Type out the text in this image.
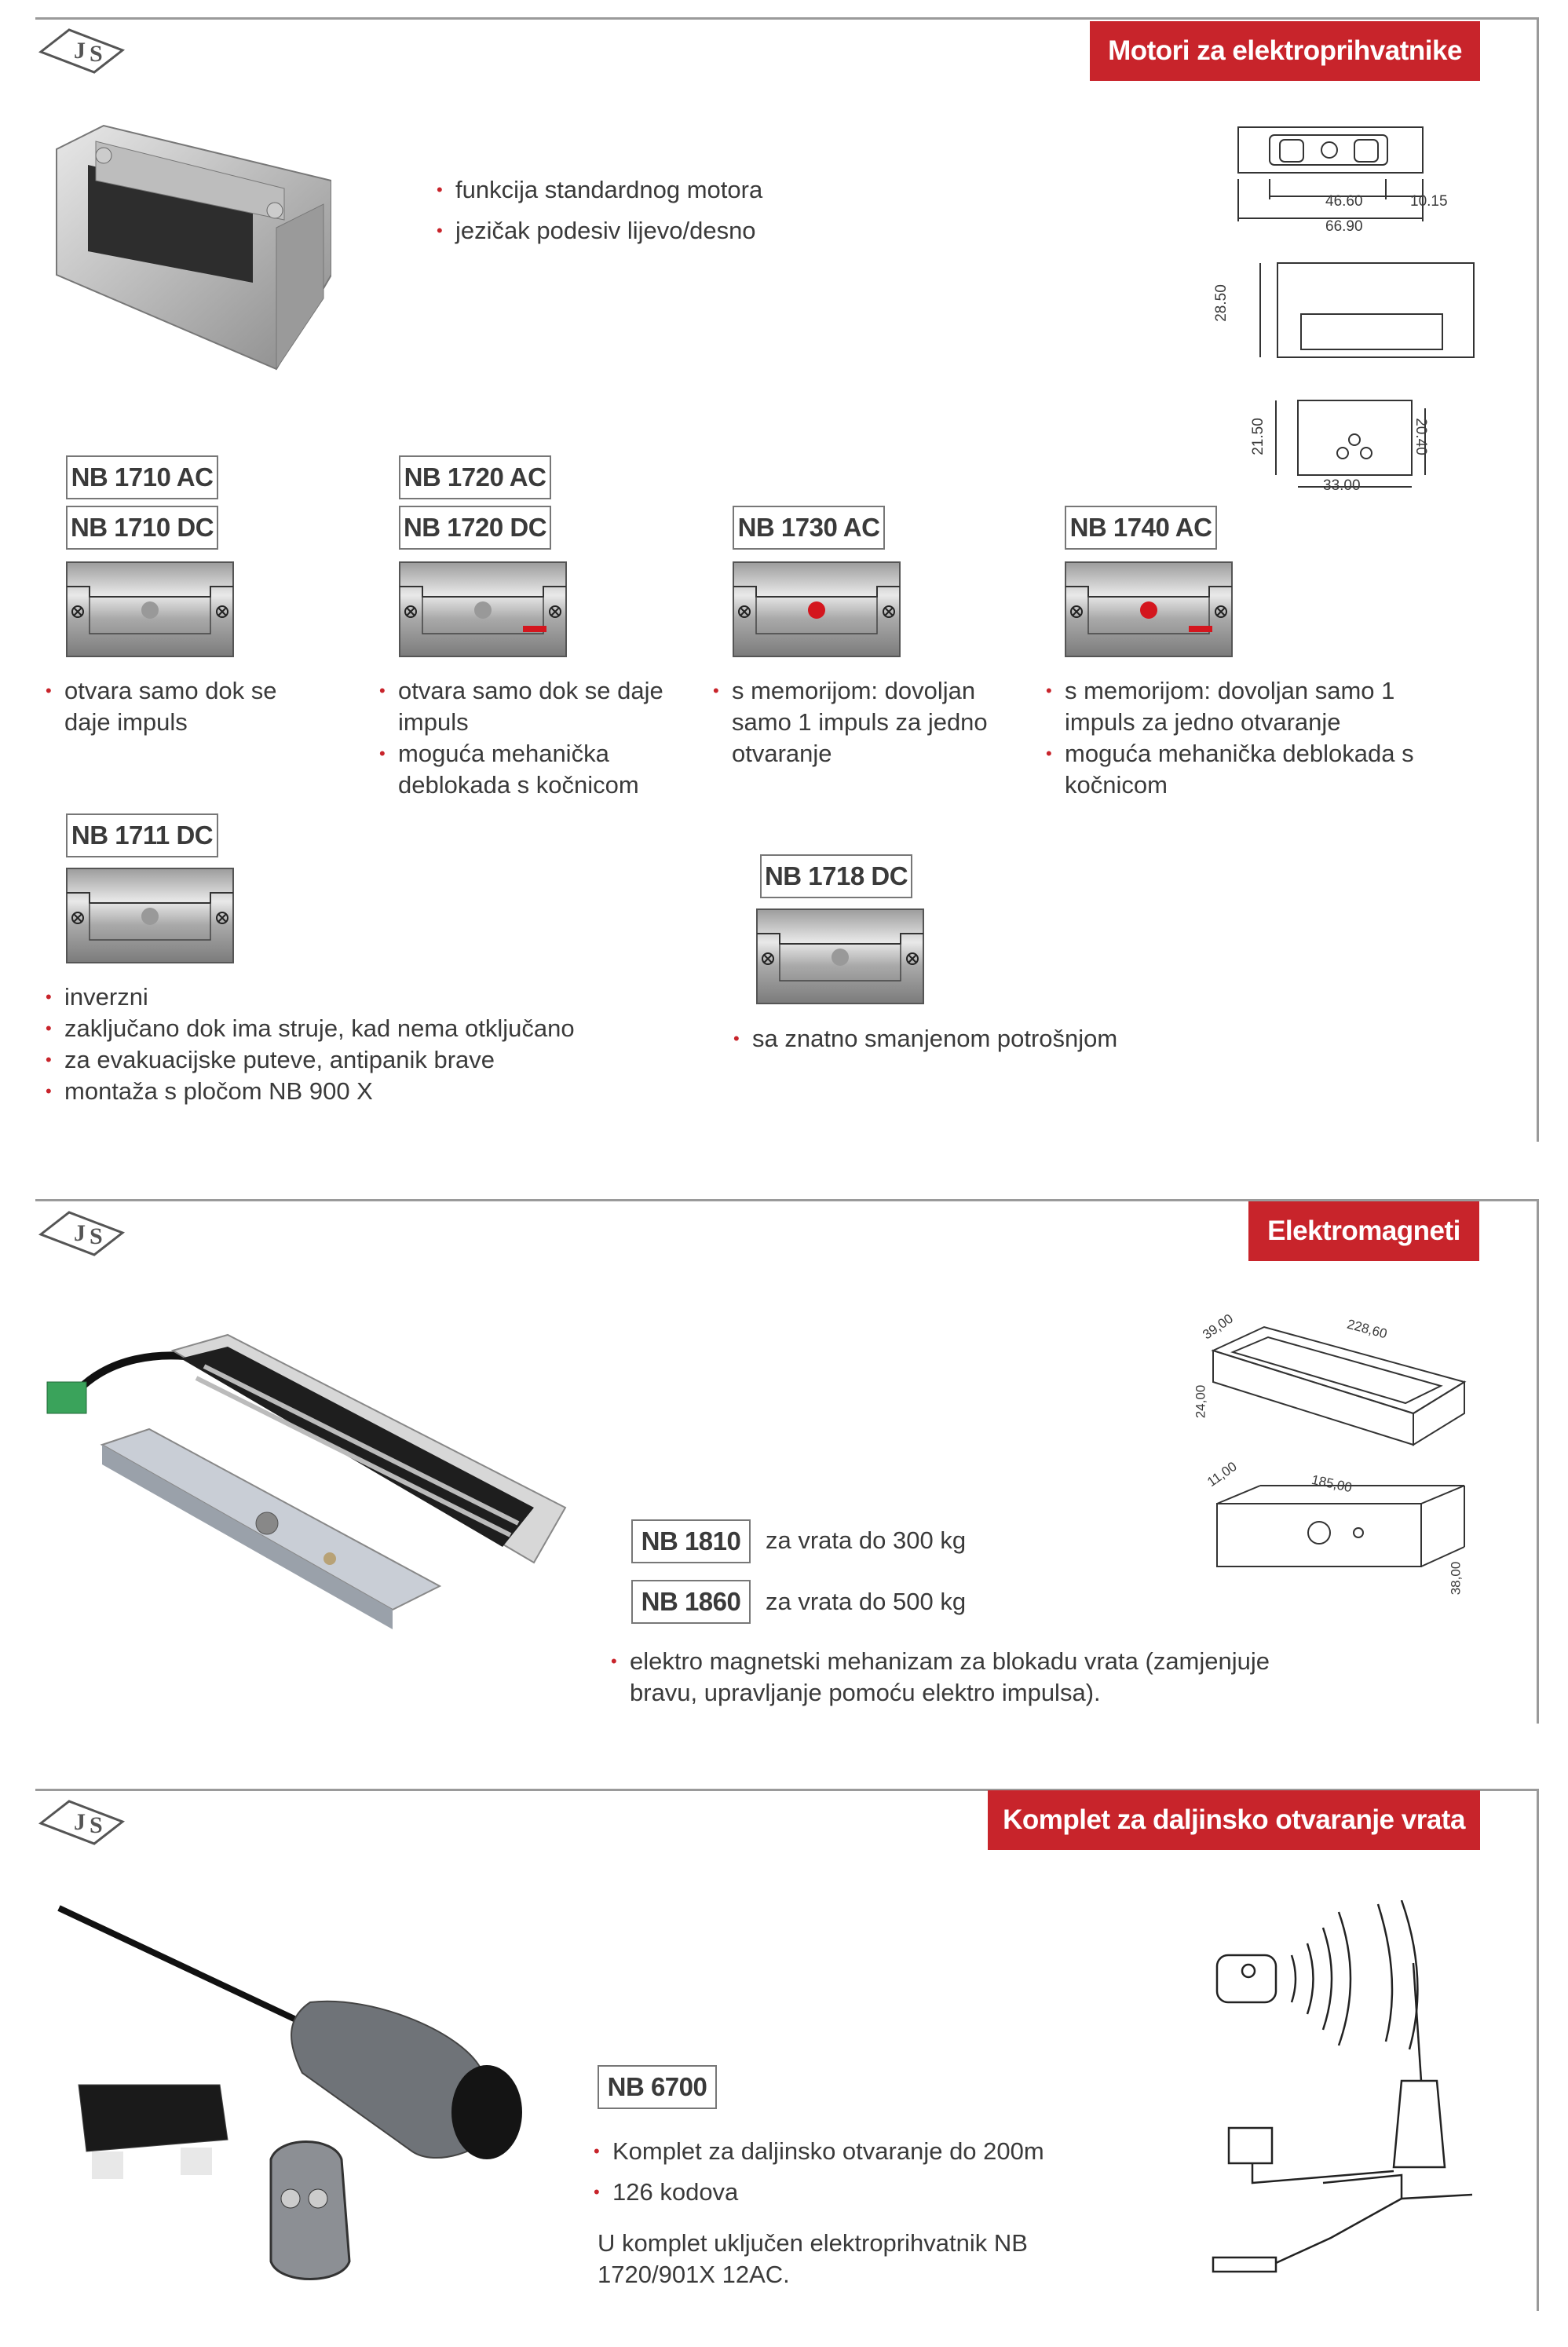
J S	Motori za elektroprihvatnike
• funkcija standardnog motora
• jezičak podesiv lijevo/desno
46.60	10.15
66.90
28.50
21.50	20.40
33.00
NB 1710 AC
NB 1710 DC
NB 1720 AC
NB 1720 DC	NB 1730 AC	NB 1740 AC
NB 1711 DC
NB 1718 DC
• otvara samo dok se daje impuls
• otvara samo dok se daje impuls
• moguća mehanička deblokada s kočnicom
• s memorijom: dovoljan samo 1 impuls za jedno otvaranje
• s memorijom: dovoljan samo 1 impuls za jedno otvaranje
• moguća mehanička deblokada s kočnicom
• inverzni
• zaključano dok ima struje, kad nema otključano
• za evakuacijske puteve, antipanik brave
• montaža s pločom NB 900 X
• sa znatno smanjenom potrošnjom
J S	Elektromagneti
39,00	228,60
24,00
11,00	185,00
38,00
NB 1810	za vrata do 300 kg
NB 1860	za vrata do 500 kg
• elektro magnetski mehanizam za blokadu vrata (zamjenjuje bravu, upravljanje pomoću elektro impulsa).
J S	Komplet za daljinsko otvaranje vrata
NB 6700
• Komplet za daljinsko otvaranje do 200m
• 126 kodova
U komplet uključen elektroprihvatnik NB 1720/901X 12AC.
